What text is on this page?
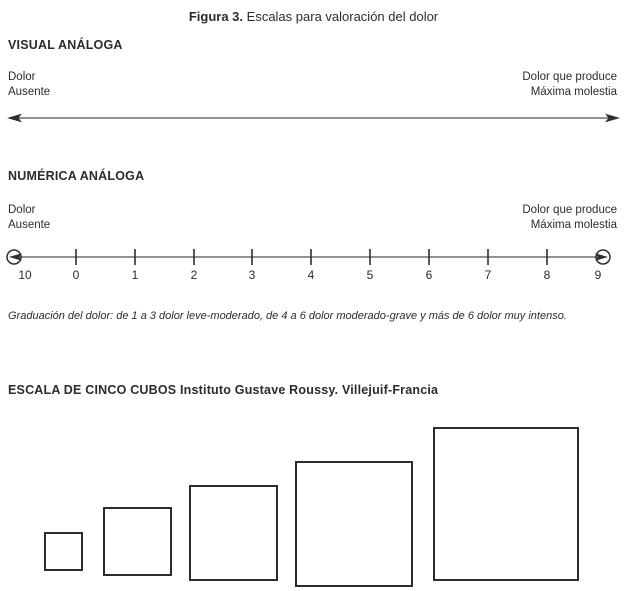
Figura 3. Escalas para valoración del dolor
VISUAL ANÁLOGA
Dolor
Ausente
Dolor que produce
Máxima molestia
NUMÉRICA ANÁLOGA
Dolor
Ausente
Dolor que produce
Máxima molestia
10	0	1	2	3	4	5	6	7	8	9
Graduación del dolor: de 1 a 3 dolor leve-moderado, de 4 a 6 dolor moderado-grave y más de 6 dolor muy intenso.
ESCALA DE CINCO CUBOS Instituto Gustave Roussy. Villejuif-Francia
